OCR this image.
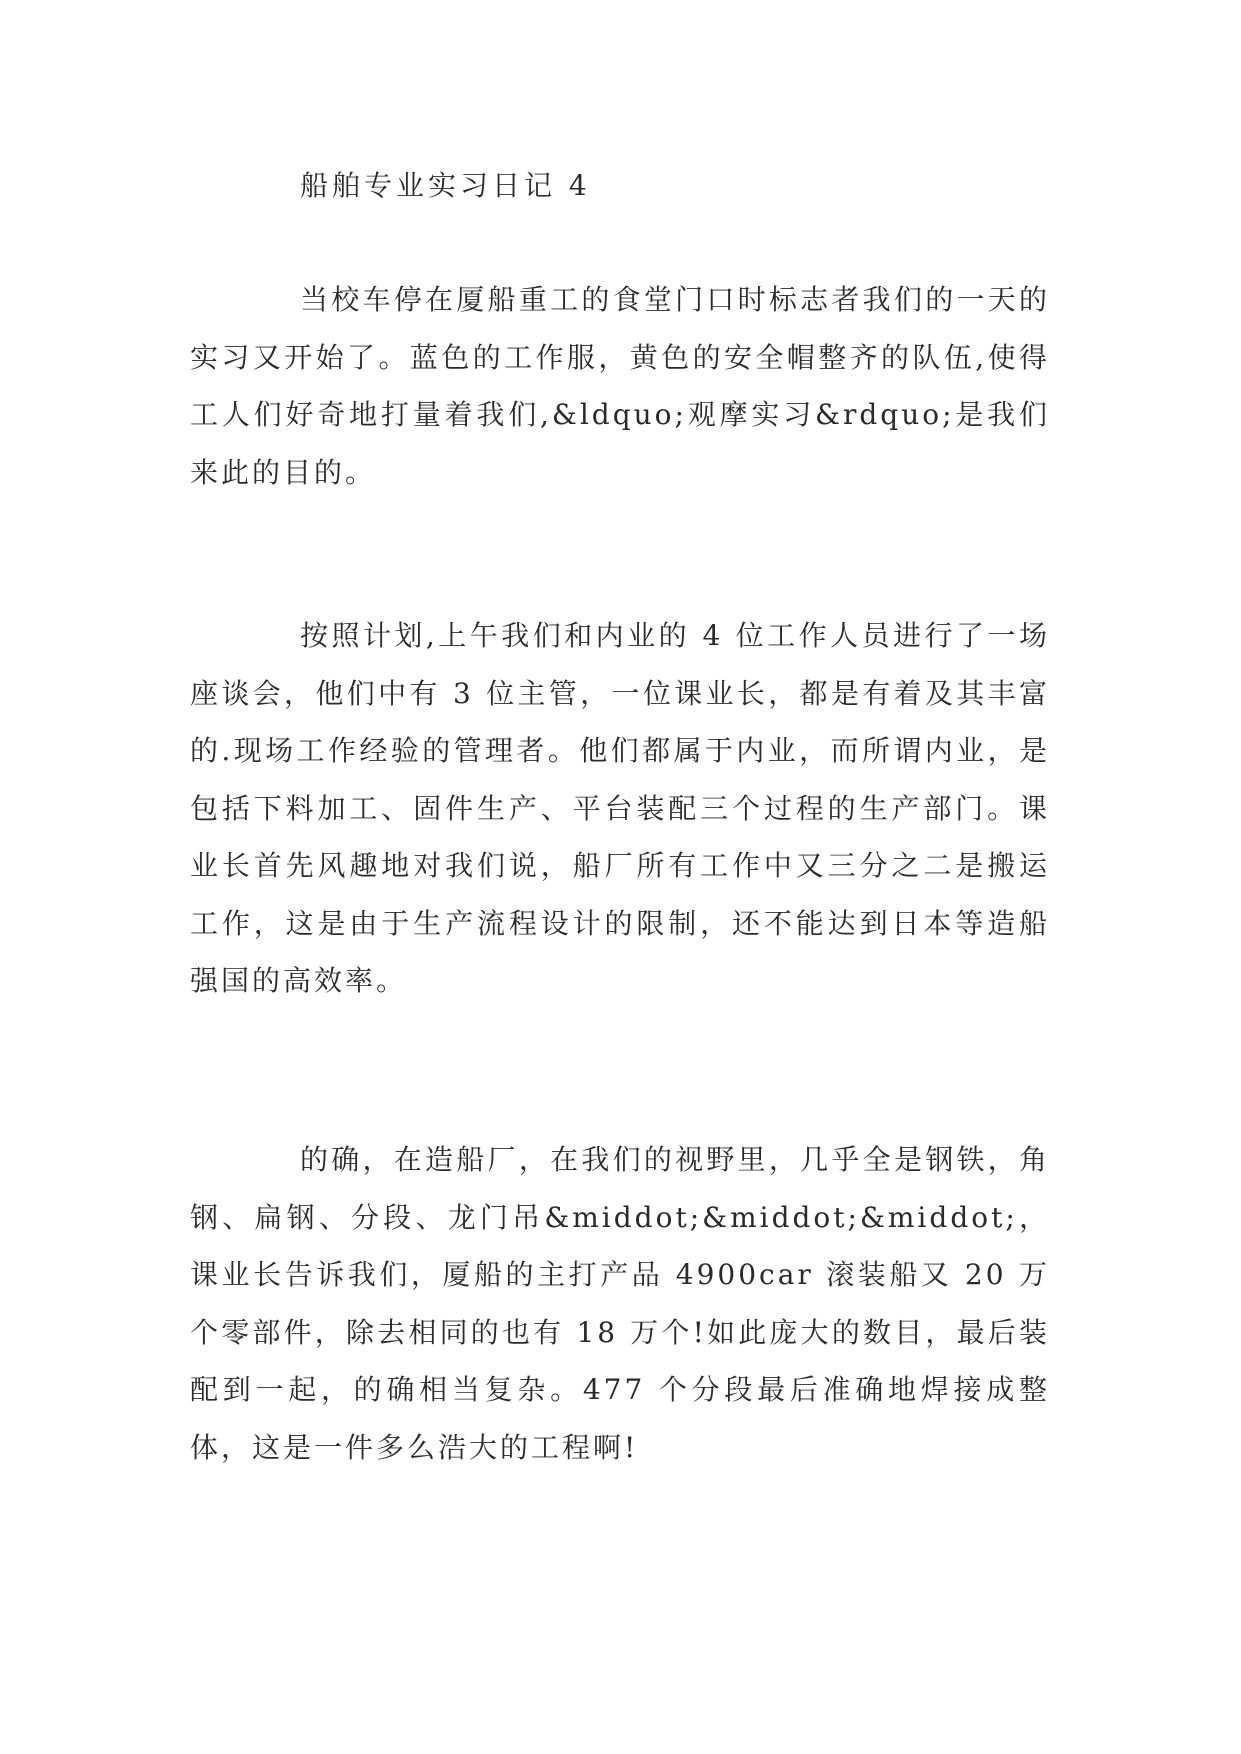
船舶专业实习日记 4

当校车停在厦船重工的食堂门口时标志者我们的一天的实习又开始了。蓝色的工作服，黄色的安全帽整齐的队伍,使得工人们好奇地打量着我们,&ldquo;观摩实习&rdquo;是我们来此的目的。

按照计划,上午我们和内业的 4 位工作人员进行了一场座谈会，他们中有 3 位主管，一位课业长，都是有着及其丰富的.现场工作经验的管理者。他们都属于内业，而所谓内业，是包括下料加工、固件生产、平台装配三个过程的生产部门。课业长首先风趣地对我们说，船厂所有工作中又三分之二是搬运工作，这是由于生产流程设计的限制，还不能达到日本等造船强国的高效率。

的确，在造船厂，在我们的视野里，几乎全是钢铁，角钢、扁钢、分段、龙门吊&middot;&middot;&middot;，课业长告诉我们，厦船的主打产品 4900car 滚装船又 20 万个零部件，除去相同的也有 18 万个!如此庞大的数目，最后装配到一起，的确相当复杂。477 个分段最后准确地焊接成整体，这是一件多么浩大的工程啊!
